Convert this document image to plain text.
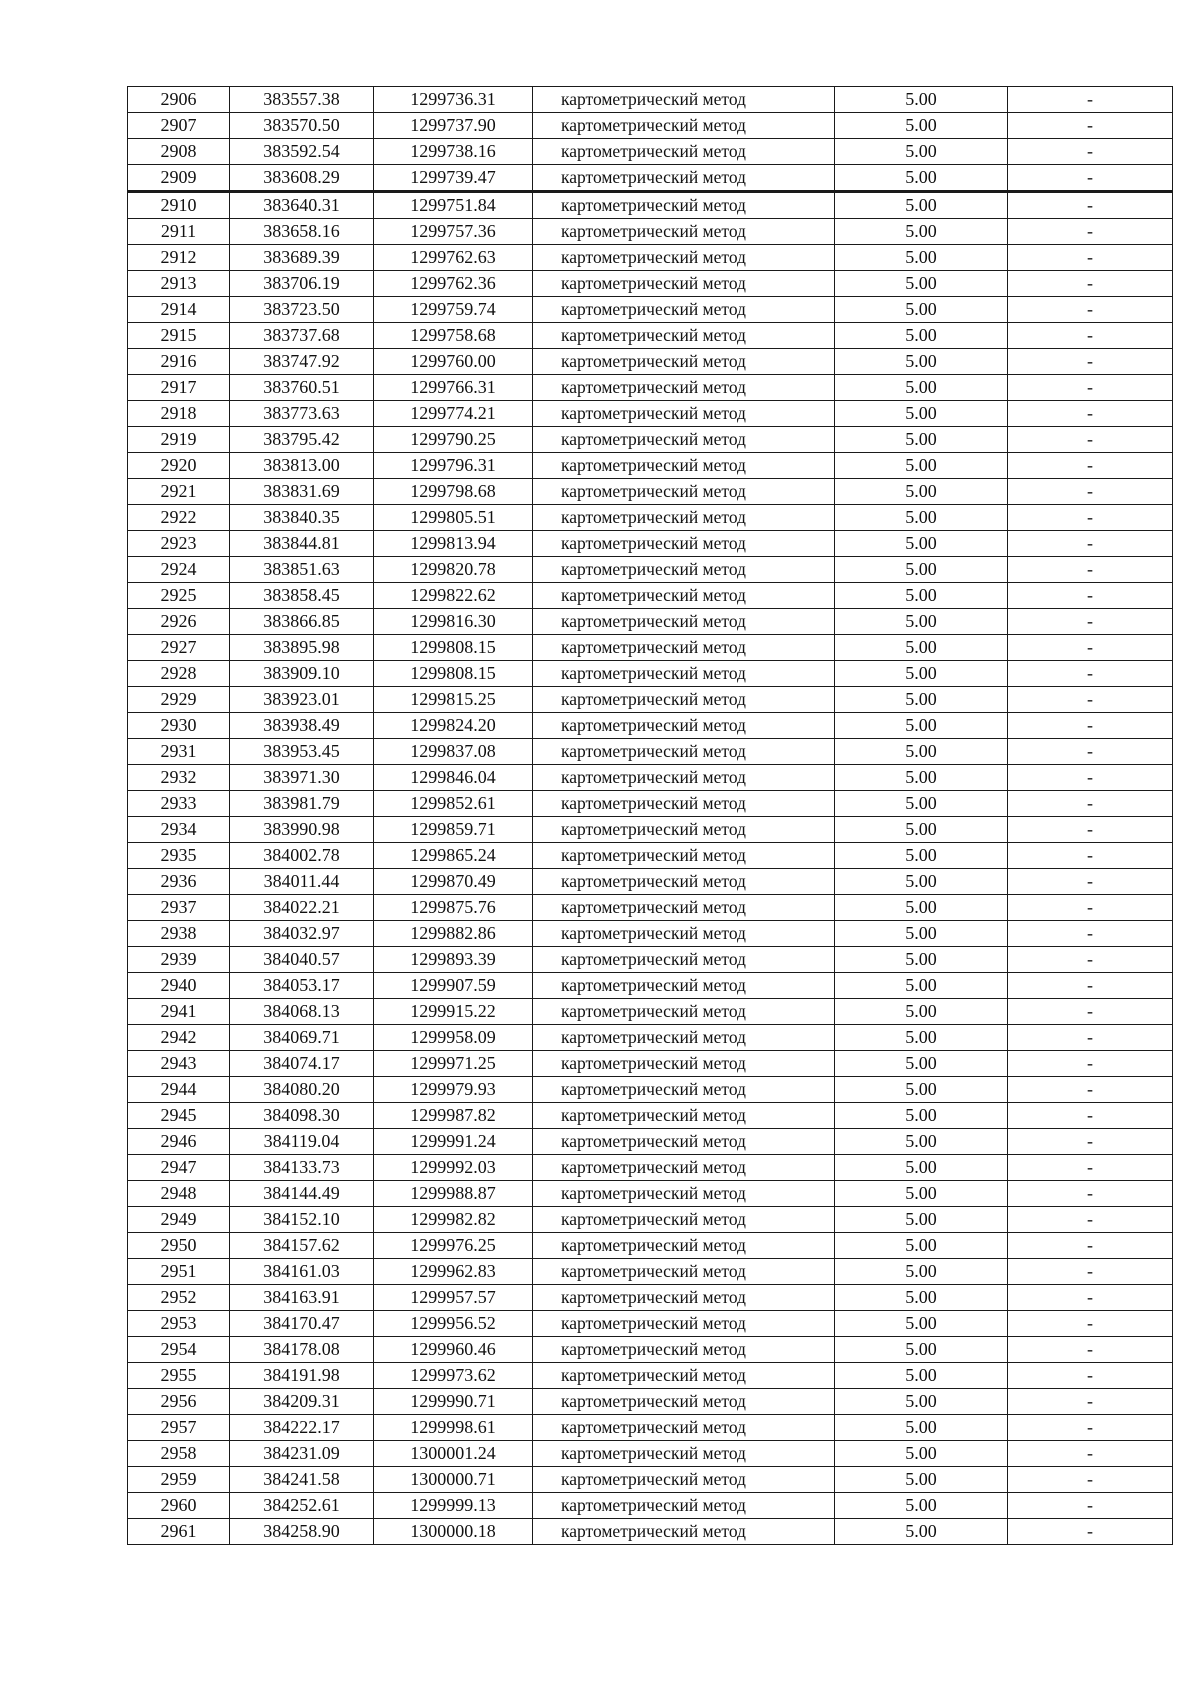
2906	383557.38	1299736.31	картометрический метод	5.00	-
2907	383570.50	1299737.90	картометрический метод	5.00	-
2908	383592.54	1299738.16	картометрический метод	5.00	-
2909	383608.29	1299739.47	картометрический метод	5.00	-
2910	383640.31	1299751.84	картометрический метод	5.00	-
2911	383658.16	1299757.36	картометрический метод	5.00	-
2912	383689.39	1299762.63	картометрический метод	5.00	-
2913	383706.19	1299762.36	картометрический метод	5.00	-
2914	383723.50	1299759.74	картометрический метод	5.00	-
2915	383737.68	1299758.68	картометрический метод	5.00	-
2916	383747.92	1299760.00	картометрический метод	5.00	-
2917	383760.51	1299766.31	картометрический метод	5.00	-
2918	383773.63	1299774.21	картометрический метод	5.00	-
2919	383795.42	1299790.25	картометрический метод	5.00	-
2920	383813.00	1299796.31	картометрический метод	5.00	-
2921	383831.69	1299798.68	картометрический метод	5.00	-
2922	383840.35	1299805.51	картометрический метод	5.00	-
2923	383844.81	1299813.94	картометрический метод	5.00	-
2924	383851.63	1299820.78	картометрический метод	5.00	-
2925	383858.45	1299822.62	картометрический метод	5.00	-
2926	383866.85	1299816.30	картометрический метод	5.00	-
2927	383895.98	1299808.15	картометрический метод	5.00	-
2928	383909.10	1299808.15	картометрический метод	5.00	-
2929	383923.01	1299815.25	картометрический метод	5.00	-
2930	383938.49	1299824.20	картометрический метод	5.00	-
2931	383953.45	1299837.08	картометрический метод	5.00	-
2932	383971.30	1299846.04	картометрический метод	5.00	-
2933	383981.79	1299852.61	картометрический метод	5.00	-
2934	383990.98	1299859.71	картометрический метод	5.00	-
2935	384002.78	1299865.24	картометрический метод	5.00	-
2936	384011.44	1299870.49	картометрический метод	5.00	-
2937	384022.21	1299875.76	картометрический метод	5.00	-
2938	384032.97	1299882.86	картометрический метод	5.00	-
2939	384040.57	1299893.39	картометрический метод	5.00	-
2940	384053.17	1299907.59	картометрический метод	5.00	-
2941	384068.13	1299915.22	картометрический метод	5.00	-
2942	384069.71	1299958.09	картометрический метод	5.00	-
2943	384074.17	1299971.25	картометрический метод	5.00	-
2944	384080.20	1299979.93	картометрический метод	5.00	-
2945	384098.30	1299987.82	картометрический метод	5.00	-
2946	384119.04	1299991.24	картометрический метод	5.00	-
2947	384133.73	1299992.03	картометрический метод	5.00	-
2948	384144.49	1299988.87	картометрический метод	5.00	-
2949	384152.10	1299982.82	картометрический метод	5.00	-
2950	384157.62	1299976.25	картометрический метод	5.00	-
2951	384161.03	1299962.83	картометрический метод	5.00	-
2952	384163.91	1299957.57	картометрический метод	5.00	-
2953	384170.47	1299956.52	картометрический метод	5.00	-
2954	384178.08	1299960.46	картометрический метод	5.00	-
2955	384191.98	1299973.62	картометрический метод	5.00	-
2956	384209.31	1299990.71	картометрический метод	5.00	-
2957	384222.17	1299998.61	картометрический метод	5.00	-
2958	384231.09	1300001.24	картометрический метод	5.00	-
2959	384241.58	1300000.71	картометрический метод	5.00	-
2960	384252.61	1299999.13	картометрический метод	5.00	-
2961	384258.90	1300000.18	картометрический метод	5.00	-
